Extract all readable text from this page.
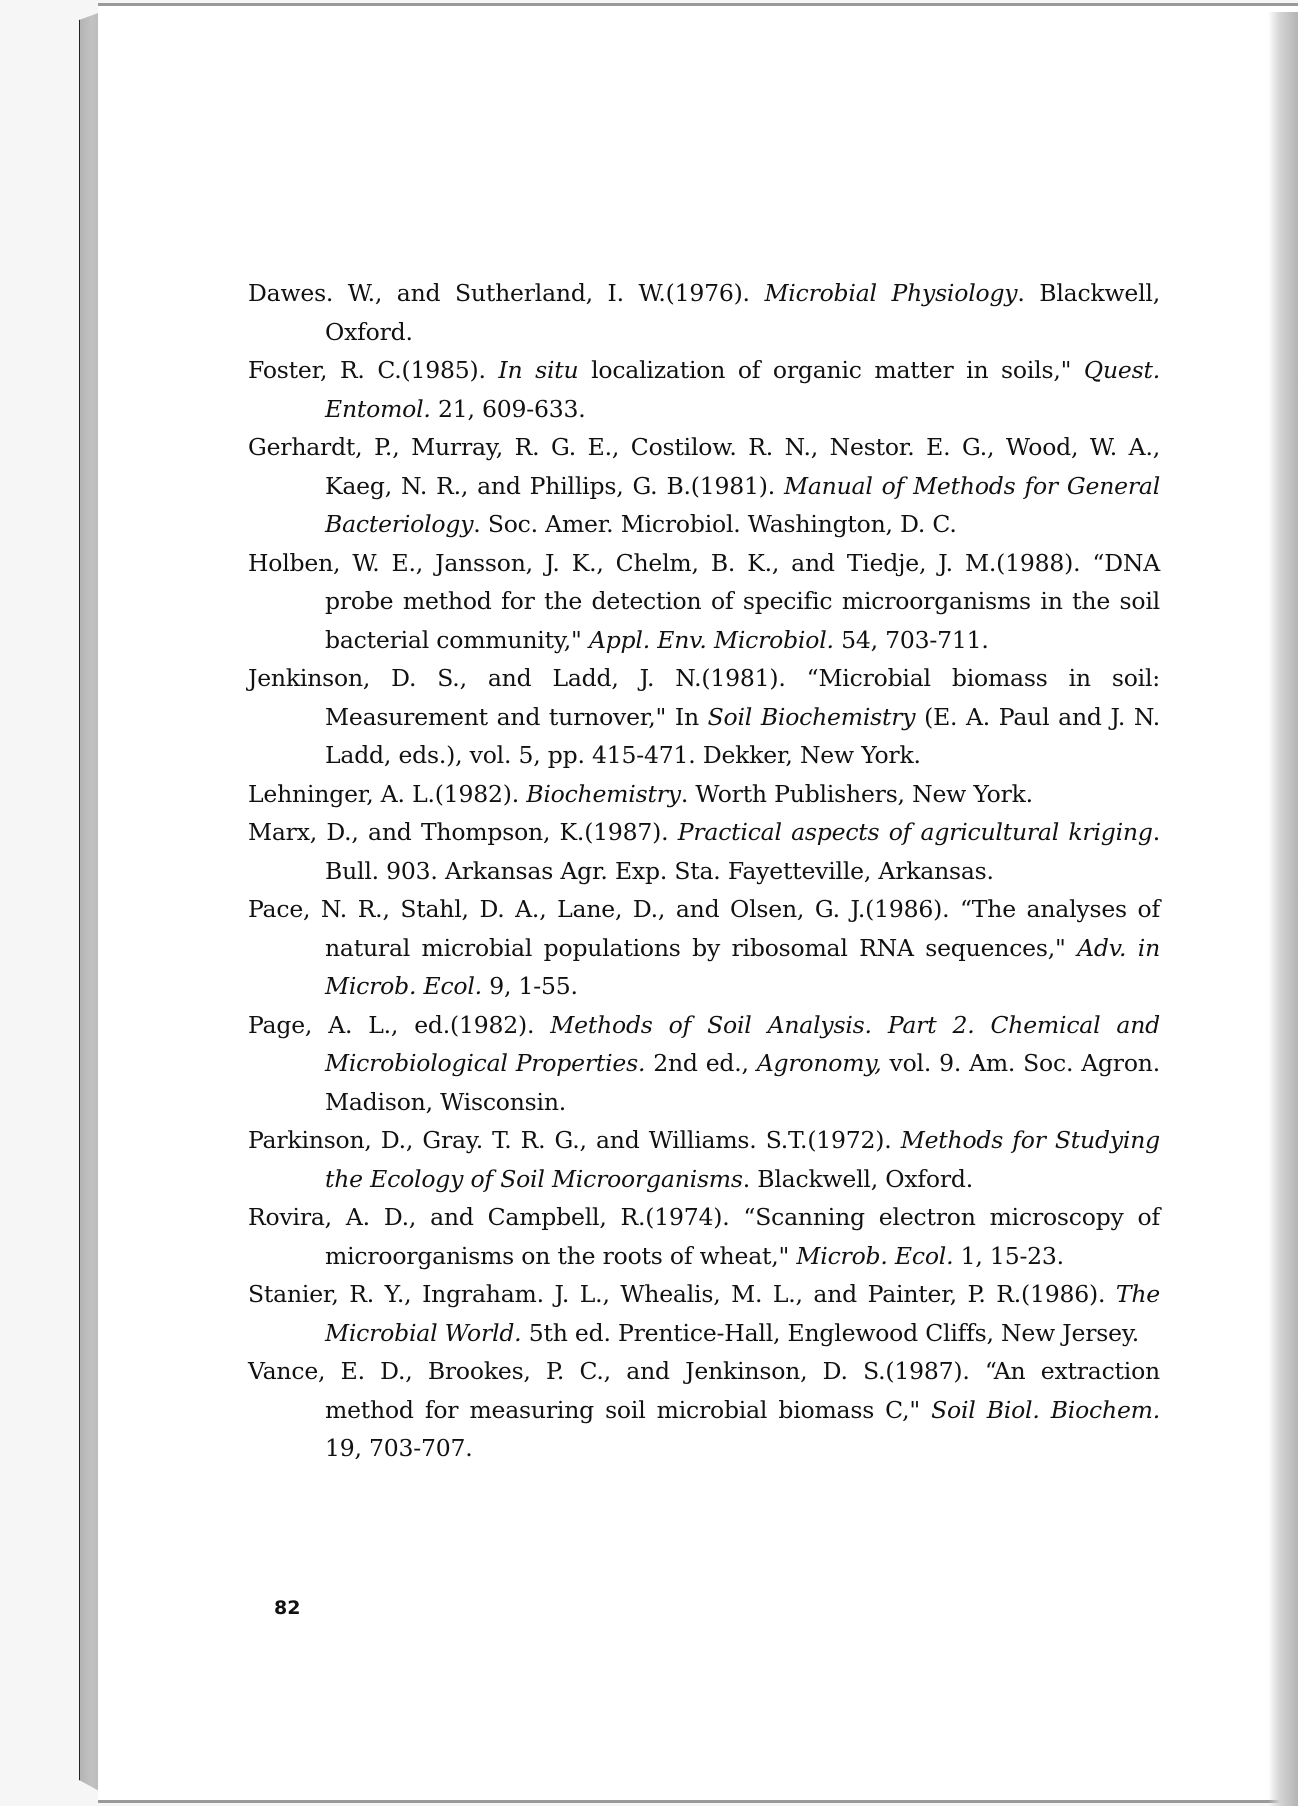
Dawes. W., and Sutherland, I. W.(1976). Microbial Physiology. Blackwell, Oxford.

Foster, R. C.(1985). In situ localization of organic matter in soils," Quest. Entomol. 21, 609-633.

Gerhardt, P., Murray, R. G. E., Costilow. R. N., Nestor. E. G., Wood, W. A., Kaeg, N. R., and Phillips, G. B.(1981). Manual of Methods for General Bacteriology. Soc. Amer. Microbiol. Washington, D. C.

Holben, W. E., Jansson, J. K., Chelm, B. K., and Tiedje, J. M.(1988). “DNA probe method for the detection of specific microorganisms in the soil bacterial community," Appl. Env. Microbiol. 54, 703-711.

Jenkinson, D. S., and Ladd, J. N.(1981). “Microbial biomass in soil: Measurement and turnover," In Soil Biochemistry (E. A. Paul and J. N. Ladd, eds.), vol. 5, pp. 415-471. Dekker, New York.

Lehninger, A. L.(1982). Biochemistry. Worth Publishers, New York.

Marx, D., and Thompson, K.(1987). Practical aspects of agricultural kriging. Bull. 903. Arkansas Agr. Exp. Sta. Fayetteville, Arkansas.

Pace, N. R., Stahl, D. A., Lane, D., and Olsen, G. J.(1986). “The analyses of natural microbial populations by ribosomal RNA sequences," Adv. in Microb. Ecol. 9, 1-55.

Page, A. L., ed.(1982). Methods of Soil Analysis. Part 2. Chemical and Microbiological Properties. 2nd ed., Agronomy, vol. 9. Am. Soc. Agron. Madison, Wisconsin.

Parkinson, D., Gray. T. R. G., and Williams. S.T.(1972). Methods for Studying the Ecology of Soil Microorganisms. Blackwell, Oxford.

Rovira, A. D., and Campbell, R.(1974). “Scanning electron microscopy of microorganisms on the roots of wheat," Microb. Ecol. 1, 15-23.

Stanier, R. Y., Ingraham. J. L., Whealis, M. L., and Painter, P. R.(1986). The Microbial World. 5th ed. Prentice-Hall, Englewood Cliffs, New Jersey.

Vance, E. D., Brookes, P. C., and Jenkinson, D. S.(1987). “An extraction method for measuring soil microbial biomass C," Soil Biol. Biochem. 19, 703-707.

82
